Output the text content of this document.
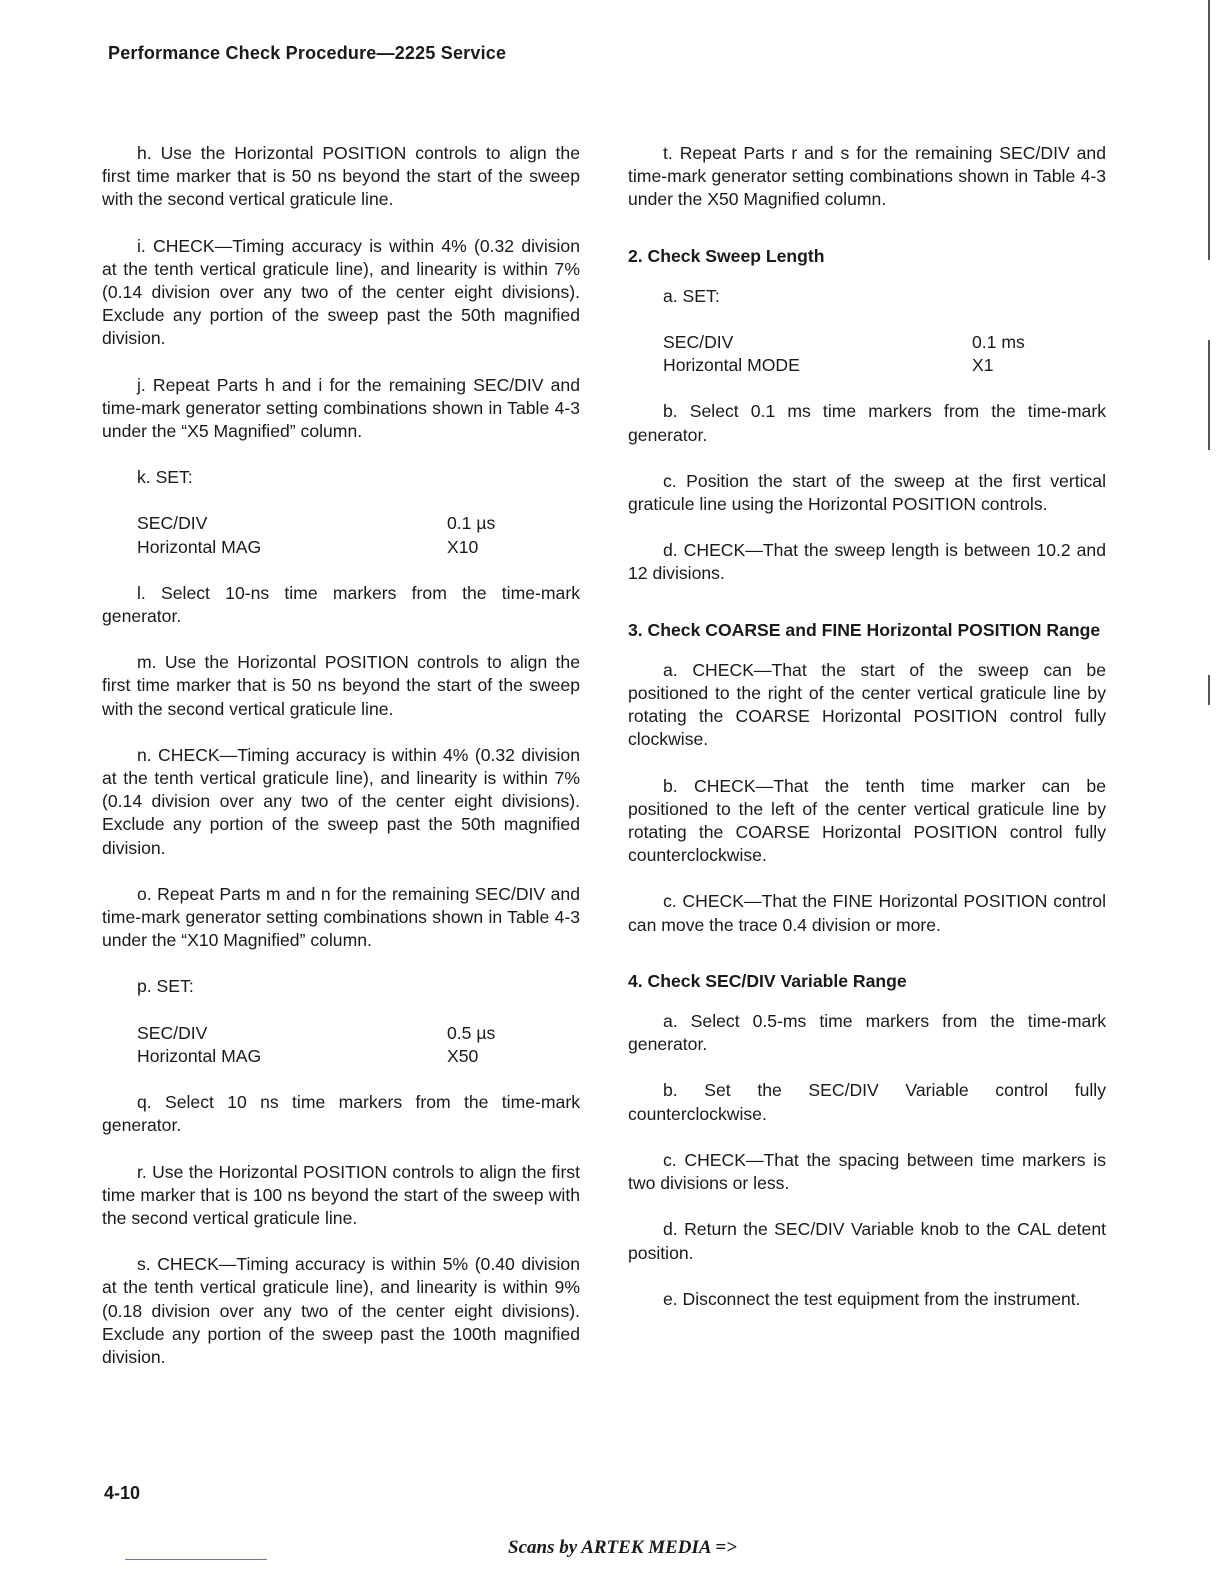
Performance Check Procedure—2225 Service

h. Use the Horizontal POSITION controls to align the first time marker that is 50 ns beyond the start of the sweep with the second vertical graticule line.

i. CHECK—Timing accuracy is within 4% (0.32 division at the tenth vertical graticule line), and linearity is within 7% (0.14 division over any two of the center eight divisions). Exclude any portion of the sweep past the 50th magnified division.

j. Repeat Parts h and i for the remaining SEC/DIV and time-mark generator setting combinations shown in Table 4-3 under the “X5 Magnified” column.

k. SET:
SEC/DIV	0.1 µs
Horizontal MAG	X10

l. Select 10-ns time markers from the time-mark generator.

m. Use the Horizontal POSITION controls to align the first time marker that is 50 ns beyond the start of the sweep with the second vertical graticule line.

n. CHECK—Timing accuracy is within 4% (0.32 division at the tenth vertical graticule line), and linearity is within 7% (0.14 division over any two of the center eight divisions). Exclude any portion of the sweep past the 50th magnified division.

o. Repeat Parts m and n for the remaining SEC/DIV and time-mark generator setting combinations shown in Table 4-3 under the “X10 Magnified” column.

p. SET:
SEC/DIV	0.5 µs
Horizontal MAG	X50

q. Select 10 ns time markers from the time-mark generator.

r. Use the Horizontal POSITION controls to align the first time marker that is 100 ns beyond the start of the sweep with the second vertical graticule line.

s. CHECK—Timing accuracy is within 5% (0.40 division at the tenth vertical graticule line), and linearity is within 9% (0.18 division over any two of the center eight divisions). Exclude any portion of the sweep past the 100th magnified division.

t. Repeat Parts r and s for the remaining SEC/DIV and time-mark generator setting combinations shown in Table 4-3 under the X50 Magnified column.

2. Check Sweep Length
a. SET:
SEC/DIV	0.1 ms
Horizontal MODE	X1

b. Select 0.1 ms time markers from the time-mark generator.

c. Position the start of the sweep at the first vertical graticule line using the Horizontal POSITION controls.

d. CHECK—That the sweep length is between 10.2 and 12 divisions.

3. Check COARSE and FINE Horizontal POSITION Range

a. CHECK—That the start of the sweep can be positioned to the right of the center vertical graticule line by rotating the COARSE Horizontal POSITION control fully clockwise.

b. CHECK—That the tenth time marker can be positioned to the left of the center vertical graticule line by rotating the COARSE Horizontal POSITION control fully counterclockwise.

c. CHECK—That the FINE Horizontal POSITION control can move the trace 0.4 division or more.

4. Check SEC/DIV Variable Range

a. Select 0.5-ms time markers from the time-mark generator.

b. Set the SEC/DIV Variable control fully counterclockwise.

c. CHECK—That the spacing between time markers is two divisions or less.

d. Return the SEC/DIV Variable knob to the CAL detent position.

e. Disconnect the test equipment from the instrument.

4-10
Scans by ARTEK MEDIA =>
